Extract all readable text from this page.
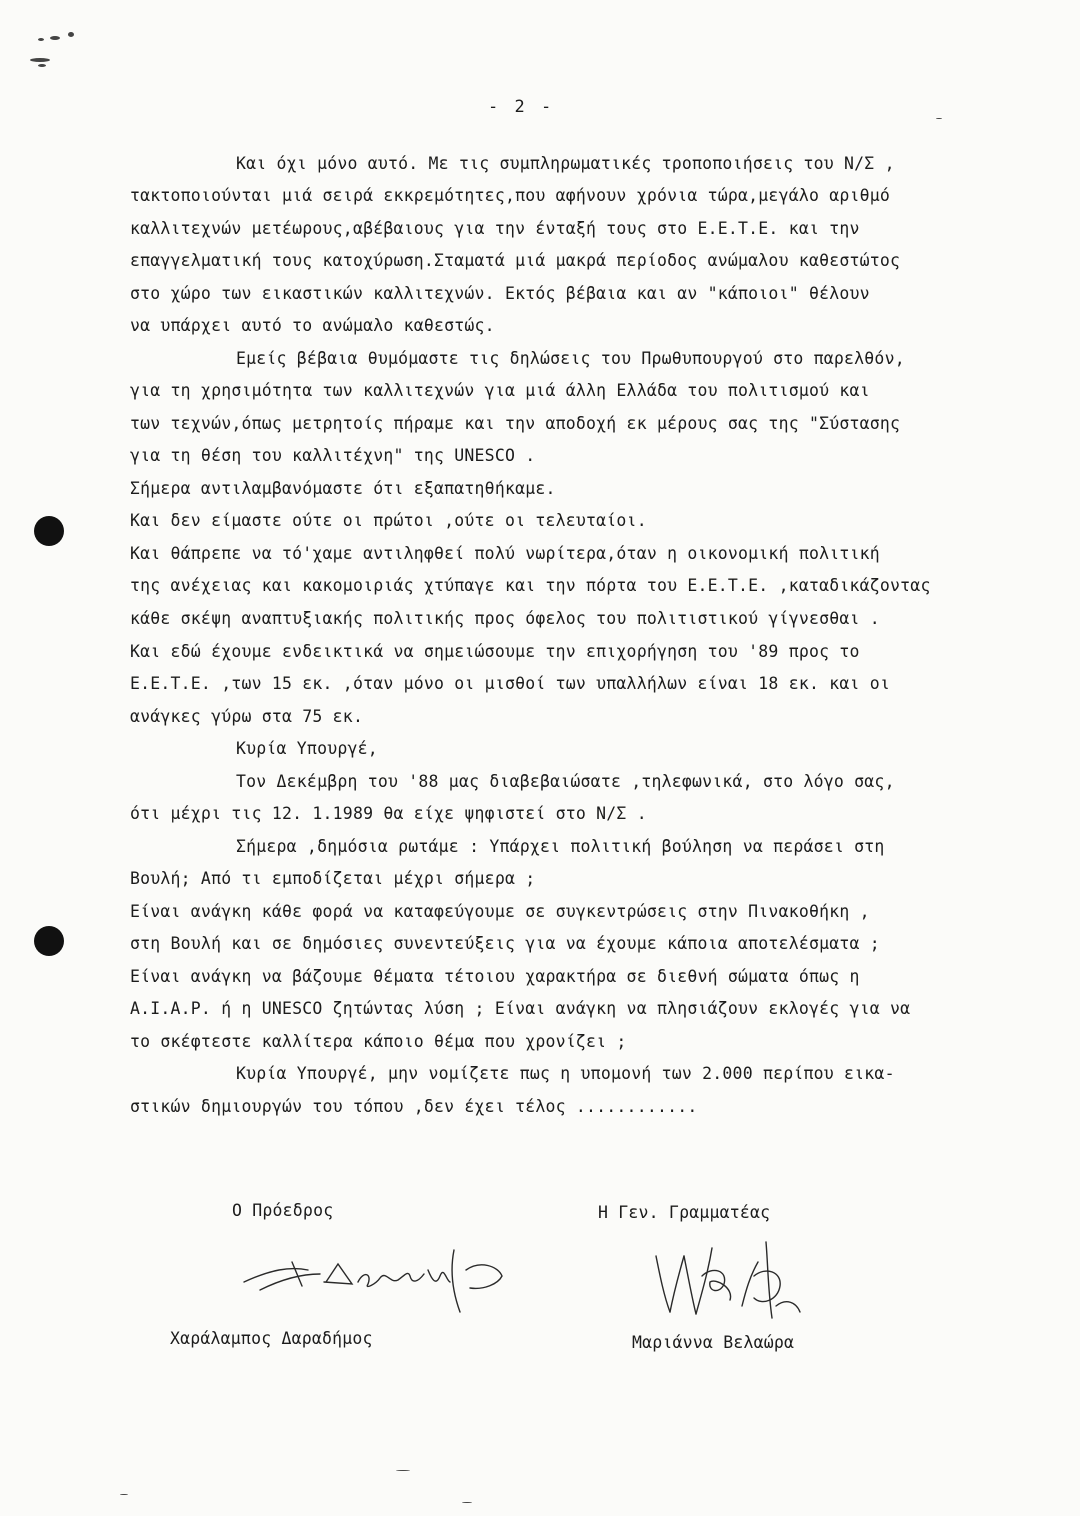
- 2 -
Και όχι μόνο αυτό. Με τις συμπληρωματικές τροποποιήσεις του Ν/Σ ,
τακτοποιούνται μιά σειρά εκκρεμότητες,που αφήνουν χρόνια τώρα,μεγάλο αριθμό
καλλιτεχνών μετέωρους,αβέβαιους για την ένταξή τους στο Ε.Ε.Τ.Ε. και την
επαγγελματική τους κατοχύρωση.Σταματά μιά μακρά περίοδος ανώμαλου καθεστώτος
στο χώρο των εικαστικών καλλιτεχνών. Εκτός βέβαια και αν "κάποιοι" θέλουν
να υπάρχει αυτό το ανώμαλο καθεστώς.
Εμείς βέβαια θυμόμαστε τις δηλώσεις του Πρωθυπουργού στο παρελθόν,
για τη χρησιμότητα των καλλιτεχνών για μιά άλλη Ελλάδα του πολιτισμού και
των τεχνών,όπως μετρητοίς πήραμε και την αποδοχή εκ μέρους σας της "Σύστασης
για τη θέση του καλλιτέχνη" της UNESCO .
Σήμερα αντιλαμβανόμαστε ότι εξαπατηθήκαμε.
Και δεν είμαστε ούτε οι πρώτοι ,ούτε οι τελευταίοι.
Και θάπρεπε να τό'χαμε αντιληφθεί πολύ νωρίτερα,όταν η οικονομική πολιτική
της ανέχειας και κακομοιριάς χτύπαγε και την πόρτα του Ε.Ε.Τ.Ε. ,καταδικάζοντας
κάθε σκέψη αναπτυξιακής πολιτικής προς όφελος του πολιτιστικού γίγνεσθαι .
Και εδώ έχουμε ενδεικτικά να σημειώσουμε την επιχορήγηση του '89 προς το
Ε.Ε.Τ.Ε. ,των 15 εκ. ,όταν μόνο οι μισθοί των υπαλλήλων είναι 18 εκ. και οι
ανάγκες γύρω στα 75 εκ.
Κυρία Υπουργέ,
Τον Δεκέμβρη του '88 μας διαβεβαιώσατε ,τηλεφωνικά, στο λόγο σας,
ότι μέχρι τις 12. 1.1989 θα είχε ψηφιστεί στο Ν/Σ .
Σήμερα ,δημόσια ρωτάμε : Υπάρχει πολιτική βούληση να περάσει στη
Βουλή; Από τι εμποδίζεται μέχρι σήμερα ;
Είναι ανάγκη κάθε φορά να καταφεύγουμε σε συγκεντρώσεις στην Πινακοθήκη ,
στη Βουλή και σε δημόσιες συνεντεύξεις για να έχουμε κάποια αποτελέσματα ;
Είναι ανάγκη να βάζουμε θέματα τέτοιου χαρακτήρα σε διεθνή σώματα όπως η
Α.Ι.Α.Ρ. ή η UNESCO ζητώντας λύση ; Είναι ανάγκη να πλησιάζουν εκλογές για να
το σκέφτεστε καλλίτερα κάποιο θέμα που χρονίζει ;
Κυρία Υπουργέ, μην νομίζετε πως η υπομονή των 2.000 περίπου εικα-
στικών δημιουργών του τόπου ,δεν έχει τέλος ............
Ο Πρόεδρος	Η Γεν. Γραμματέας
Χαράλαμπος Δαραδήμος	Μαριάννα Βελαώρα
